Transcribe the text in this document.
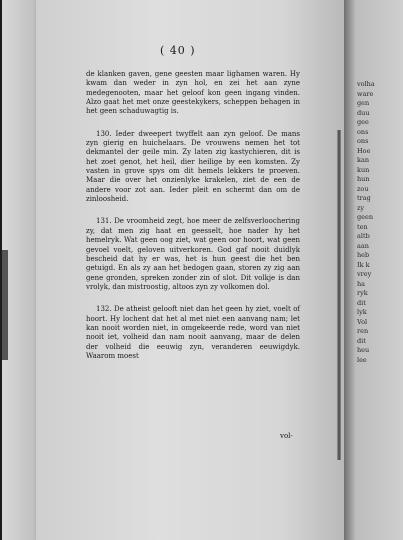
( 40 )

de klanken gaven, gene geesten maar lighamen waren. Hy kwam dan weder in zyn hol, en zei het aan zyne medegenooten, maar het geloof kon geen ingang vinden. Alzo gaat het met onze geestekykers, scheppen behagen in het geen schaduwagtig is.

130. Ieder dweepert twyffelt aan zyn geloof. De mans zyn gierig en huichelaars. De vrouwens nemen het tot dekmantel der geile min. Zy laten zig kastychieren, dit is het zoet genot, het heil, dier heilige by een komsten. Zy vasten in grove spys om dit hemels lekkers te proeven. Maar die over het onzienlyke krakelen, ziet de een de andere voor zot aan. Ieder pleit en schermt dan om de zinloosheid.

131. De vroomheid zegt, hoe meer de zelfsverloochering zy, dat men zig haat en geesselt, hoe nader hy het hemelryk. Wat geen oog ziet, wat geen oor hoort, wat geen gevoel voelt, geloven uitverkoren. God gaf nooit duidlyk bescheid dat hy er was, het is hun geest die het ben getuigd. En als zy aan het bedogen gaan, storen zy zig aan gene gronden, spreken zonder zin of slot. Dit volkje is dan vrolyk, dan mistroostig, altoos zyn zy volkomen dol.

132. De atheist gelooft niet dan het geen hy ziet, voelt of hoort. Hy lochent dat het al met niet een aanvang nam; let kan nooit worden niet, in omgekeerde rede, word van niet nooit iet, volheid dan nam nooit aanvang, maar de delen der volheid die eeuwig zyn, veranderen eeuwigdyk. Waarom moest

vol-
volha
ware
gen
duu
gee
ons
ons
Hoe
kan
kun
hun
zou
trag
zy
geen
ten
altb
aan
heb
Ik k
vrey
ha
ryk
dit
lyk
Vol
ren
dit
heu
lee
